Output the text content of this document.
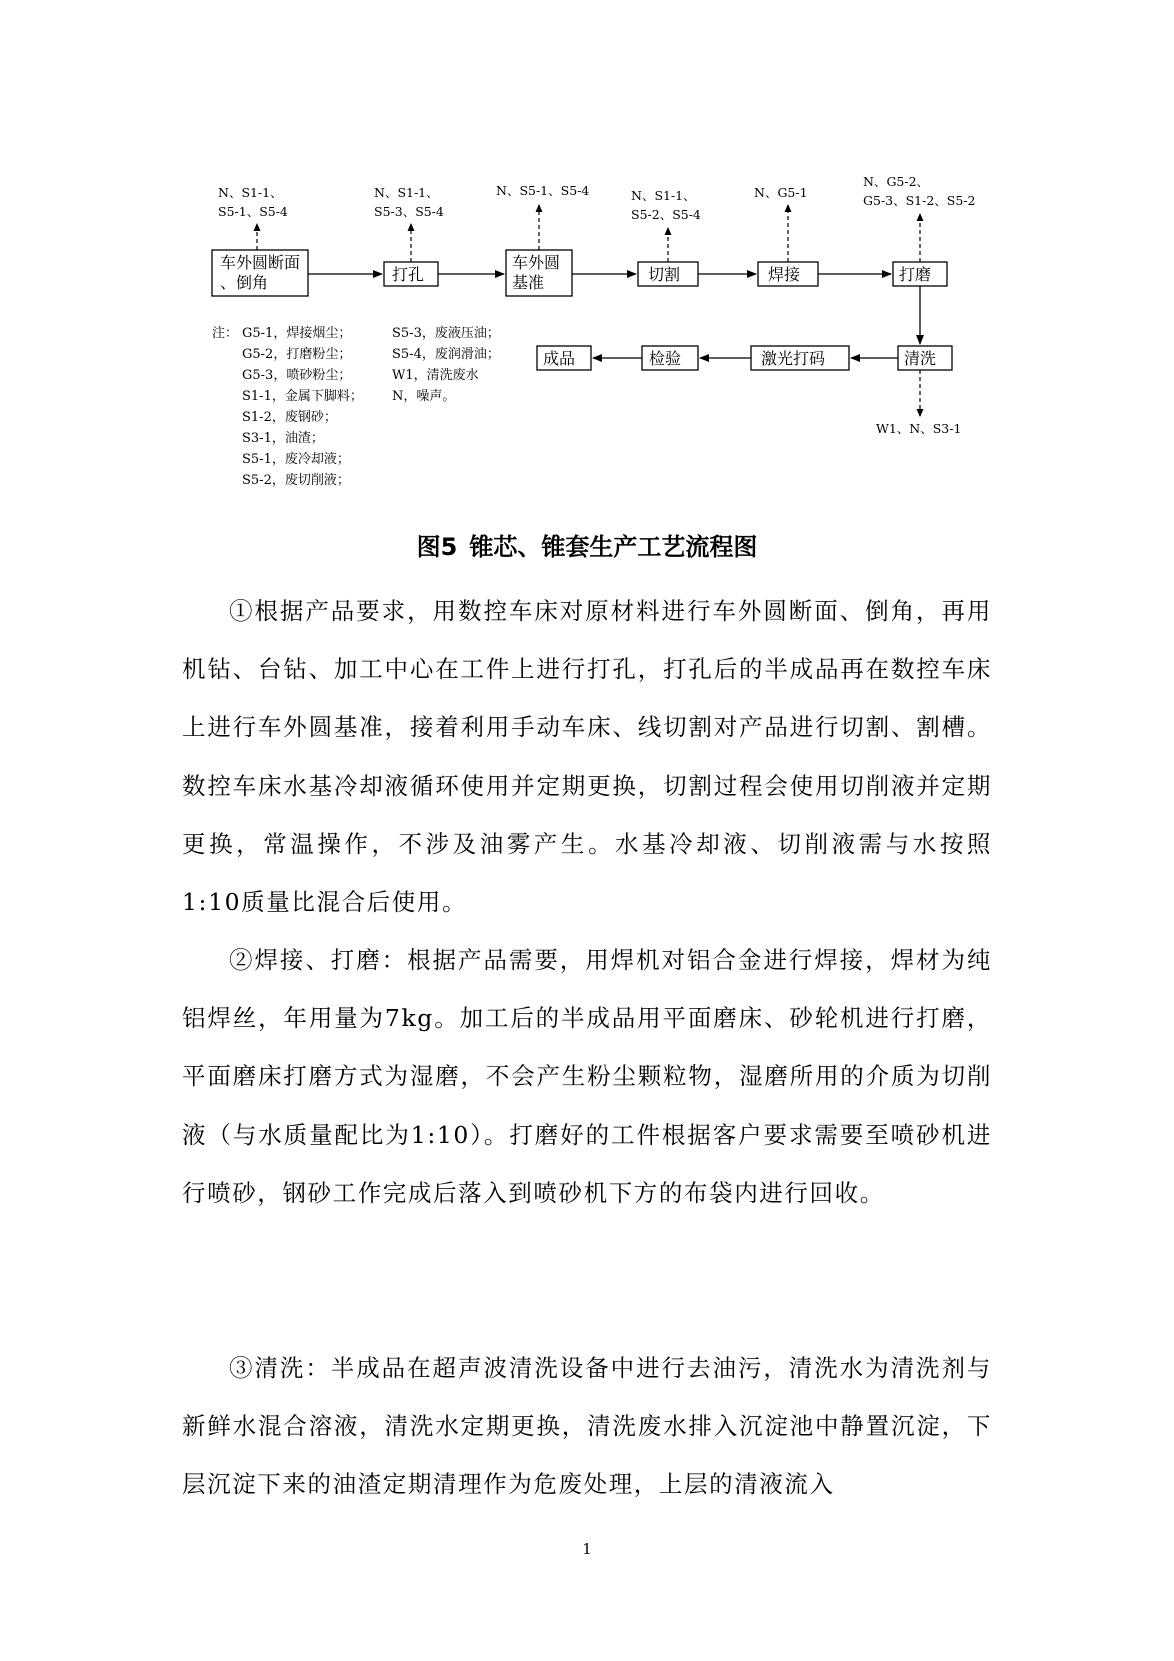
车外圆断面、倒角	打孔
车外圆基准	切割	焊接	打磨
清洗
激光打码
检验
成品
N、S1-1、
S5-1、S5-4
N、S1-1、
S5-3、S5-4
N、S5-1、S5-4	N、S1-1、
S5-2、S5-4
N、G5-1
N、G5-2、
G5-3、S1-2、S5-2
W1、N、S3-1
注： G5-1，焊接烟尘；
G5-2，打磨粉尘；
G5-3，喷砂粉尘；
S1-1，金属下脚料；
S1-2，废钢砂；
S3-1，油渣；
S5-1，废冷却液；
S5-2，废切削液；
S5-3，废液压油；
S5-4，废润滑油；
W1，清洗废水
N，噪声。
图5 锥芯、锥套生产工艺流程图

①根据产品要求，用数控车床对原材料进行车外圆断面、倒角，再用机钻、台钻、加工中心在工件上进行打孔，打孔后的半成品再在数控车床上进行车外圆基准，接着利用手动车床、线切割对产品进行切割、割槽。数控车床水基冷却液循环使用并定期更换，切割过程会使用切削液并定期更换，常温操作，不涉及油雾产生。水基冷却液、切削液需与水按照1:10质量比混合后使用。

②焊接、打磨：根据产品需要，用焊机对铝合金进行焊接，焊材为纯铝焊丝，年用量为7kg。加工后的半成品用平面磨床、砂轮机进行打磨，平面磨床打磨方式为湿磨，不会产生粉尘颗粒物，湿磨所用的介质为切削液（与水质量配比为1:10）。打磨好的工件根据客户要求需要至喷砂机进行喷砂，钢砂工作完成后落入到喷砂机下方的布袋内进行回收。

③清洗：半成品在超声波清洗设备中进行去油污，清洗水为清洗剂与新鲜水混合溶液，清洗水定期更换，清洗废水排入沉淀池中静置沉淀，下层沉淀下来的油渣定期清理作为危废处理，上层的清液流入

1
